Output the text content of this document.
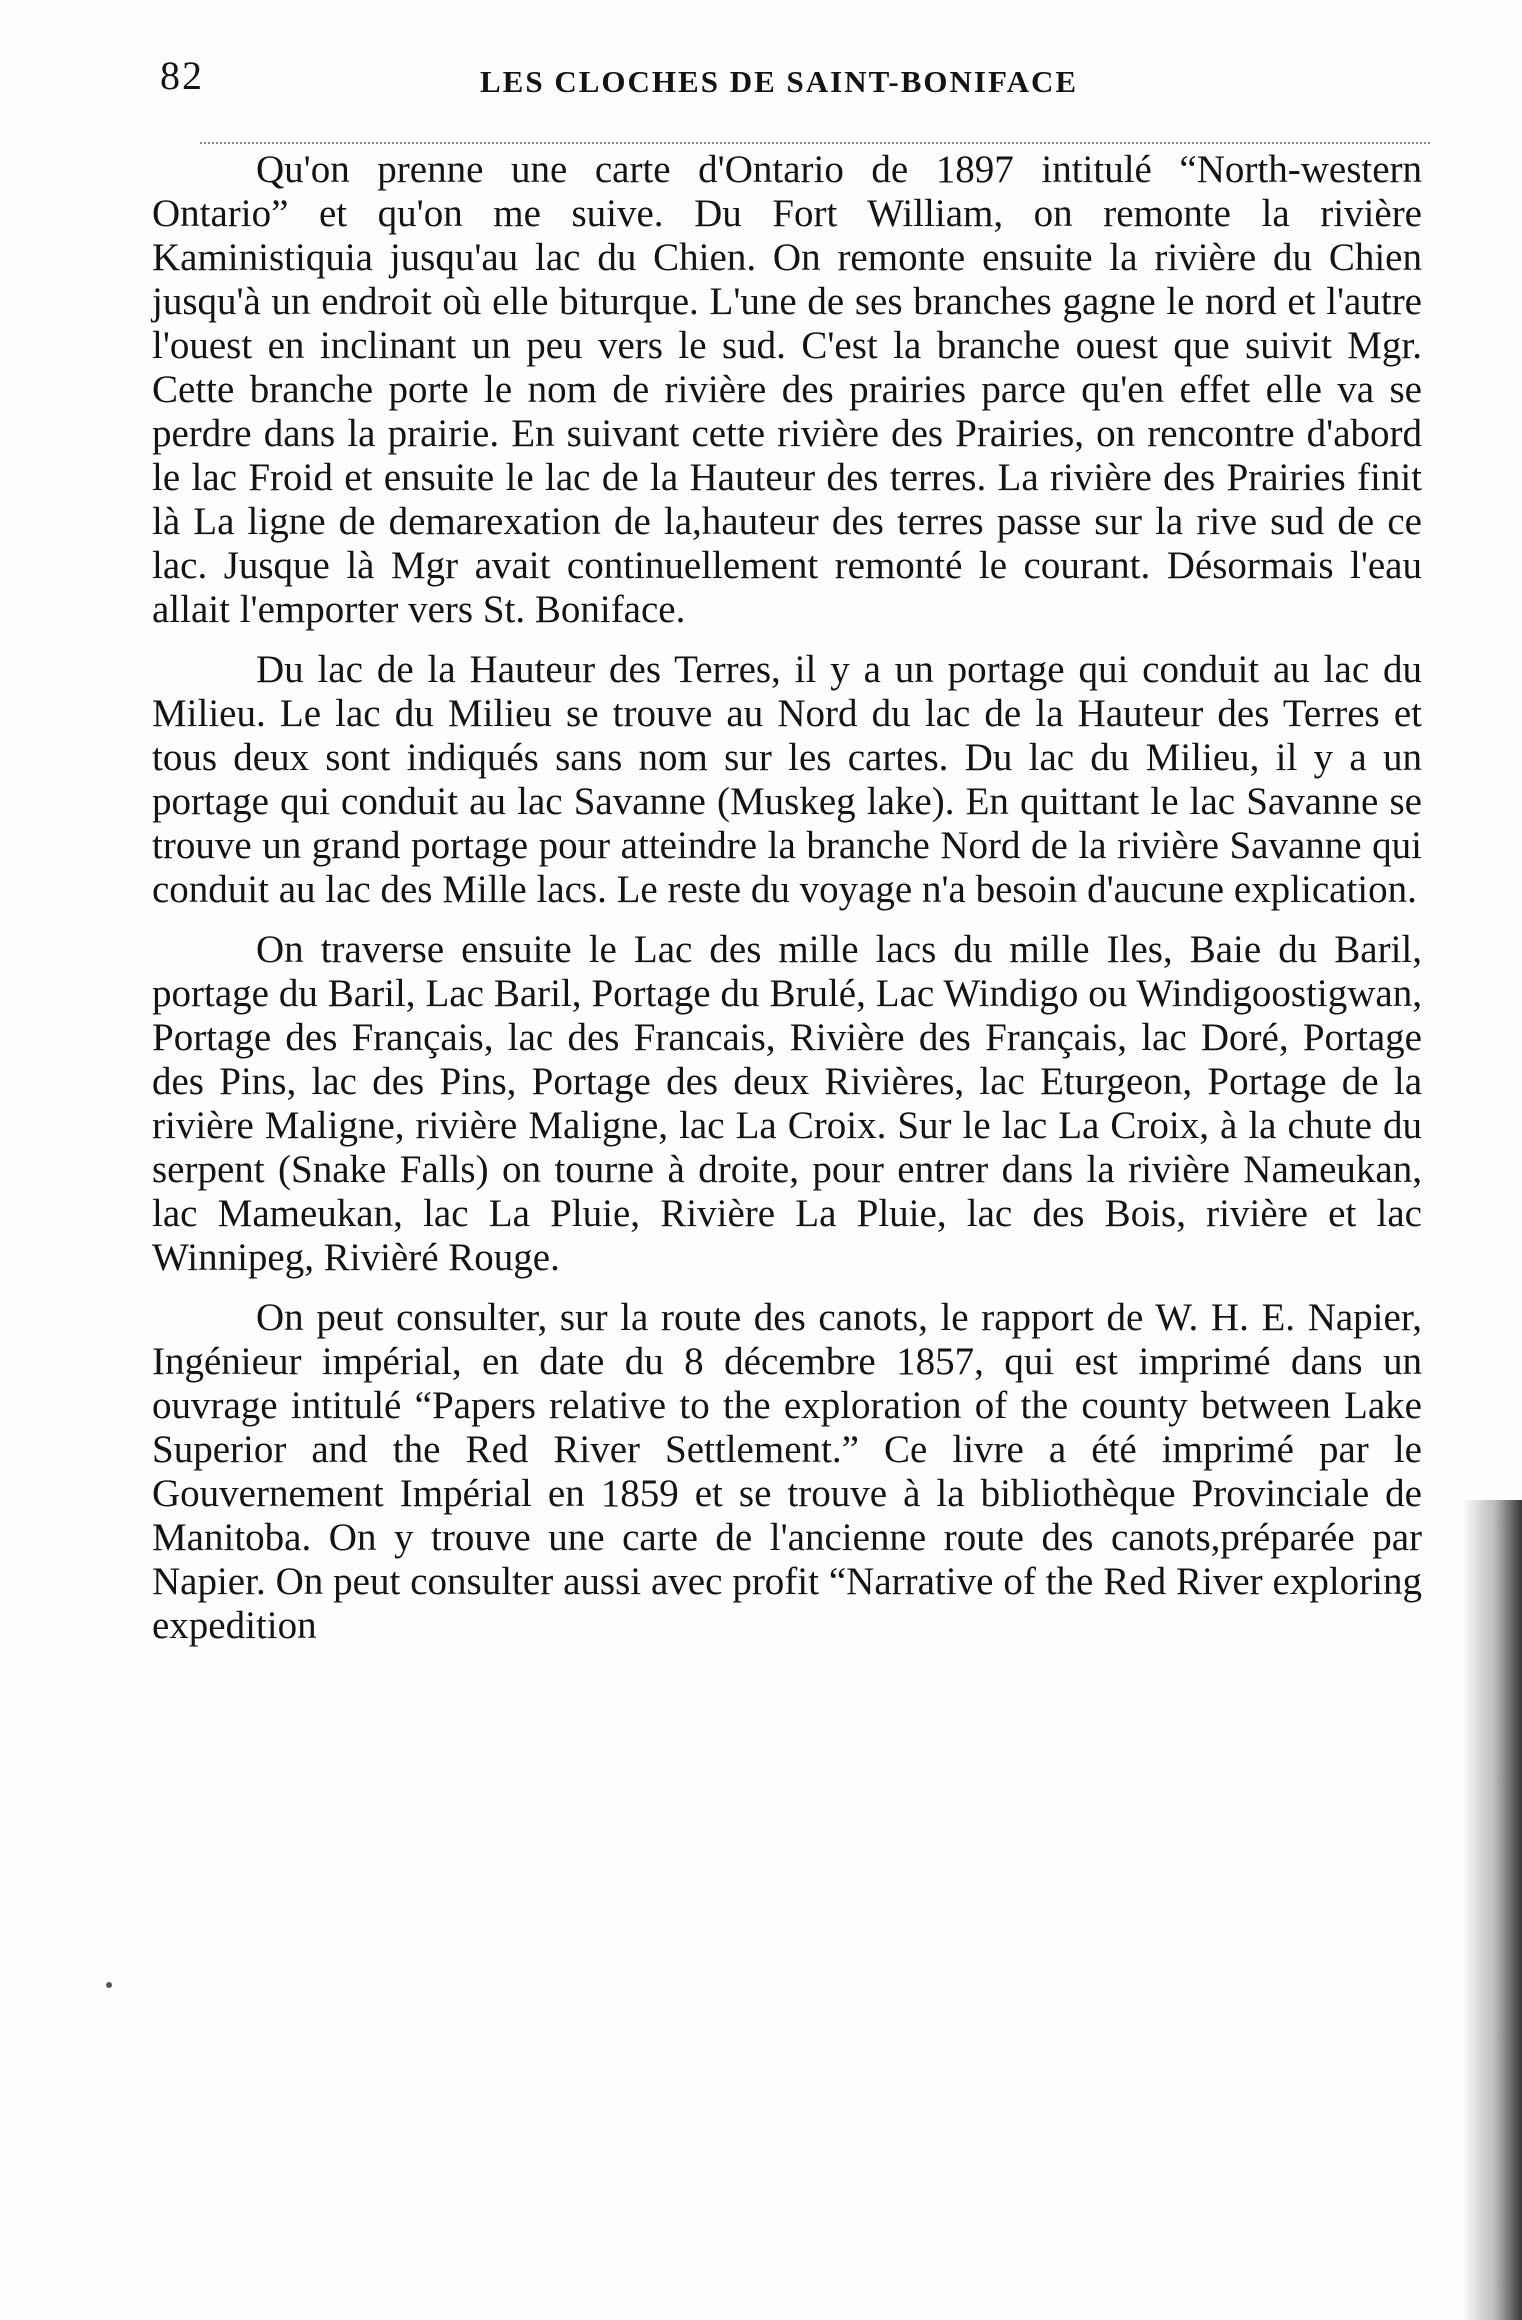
82	LES CLOCHES DE SAINT-BONIFACE

Qu'on prenne une carte d'Ontario de 1897 intitulé “North-western Ontario” et qu'on me suive. Du Fort William, on remonte la rivière Kaministiquia jusqu'au lac du Chien. On remonte ensuite la rivière du Chien jusqu'à un endroit où elle biturque. L'une de ses branches gagne le nord et l'autre l'ouest en inclinant un peu vers le sud. C'est la branche ouest que suivit Mgr. Cette branche porte le nom de rivière des prairies parce qu'en effet elle va se perdre dans la prairie. En suivant cette rivière des Prairies, on rencontre d'abord le lac Froid et ensuite le lac de la Hauteur des terres. La rivière des Prairies finit là La ligne de demarexation de la,hauteur des terres passe sur la rive sud de ce lac. Jusque là Mgr avait continuellement remonté le courant. Désormais l'eau allait l'emporter vers St. Boniface.

Du lac de la Hauteur des Terres, il y a un portage qui conduit au lac du Milieu. Le lac du Milieu se trouve au Nord du lac de la Hauteur des Terres et tous deux sont indiqués sans nom sur les cartes. Du lac du Milieu, il y a un portage qui conduit au lac Savanne (Muskeg lake). En quittant le lac Savanne se trouve un grand portage pour atteindre la branche Nord de la rivière Savanne qui conduit au lac des Mille lacs. Le reste du voyage n'a besoin d'aucune explication.

On traverse ensuite le Lac des mille lacs du mille Iles, Baie du Baril, portage du Baril, Lac Baril, Portage du Brulé, Lac Windigo ou Windigoostigwan, Portage des Français, lac des Francais, Rivière des Français, lac Doré, Portage des Pins, lac des Pins, Portage des deux Rivières, lac Eturgeon, Portage de la rivière Maligne, rivière Maligne, lac La Croix. Sur le lac La Croix, à la chute du serpent (Snake Falls) on tourne à droite, pour entrer dans la rivière Nameukan, lac Mameukan, lac La Pluie, Rivière La Pluie, lac des Bois, rivière et lac Winnipeg, Rivièré Rouge.

On peut consulter, sur la route des canots, le rapport de W. H. E. Napier, Ingénieur impérial, en date du 8 décembre 1857, qui est imprimé dans un ouvrage intitulé “Papers relative to the exploration of the county between Lake Superior and the Red River Settlement.” Ce livre a été imprimé par le Gouvernement Impérial en 1859 et se trouve à la bibliothèque Provinciale de Manitoba. On y trouve une carte de l'ancienne route des canots,préparée par Napier. On peut consulter aussi avec profit “Narrative of the Red River exploring expedition
